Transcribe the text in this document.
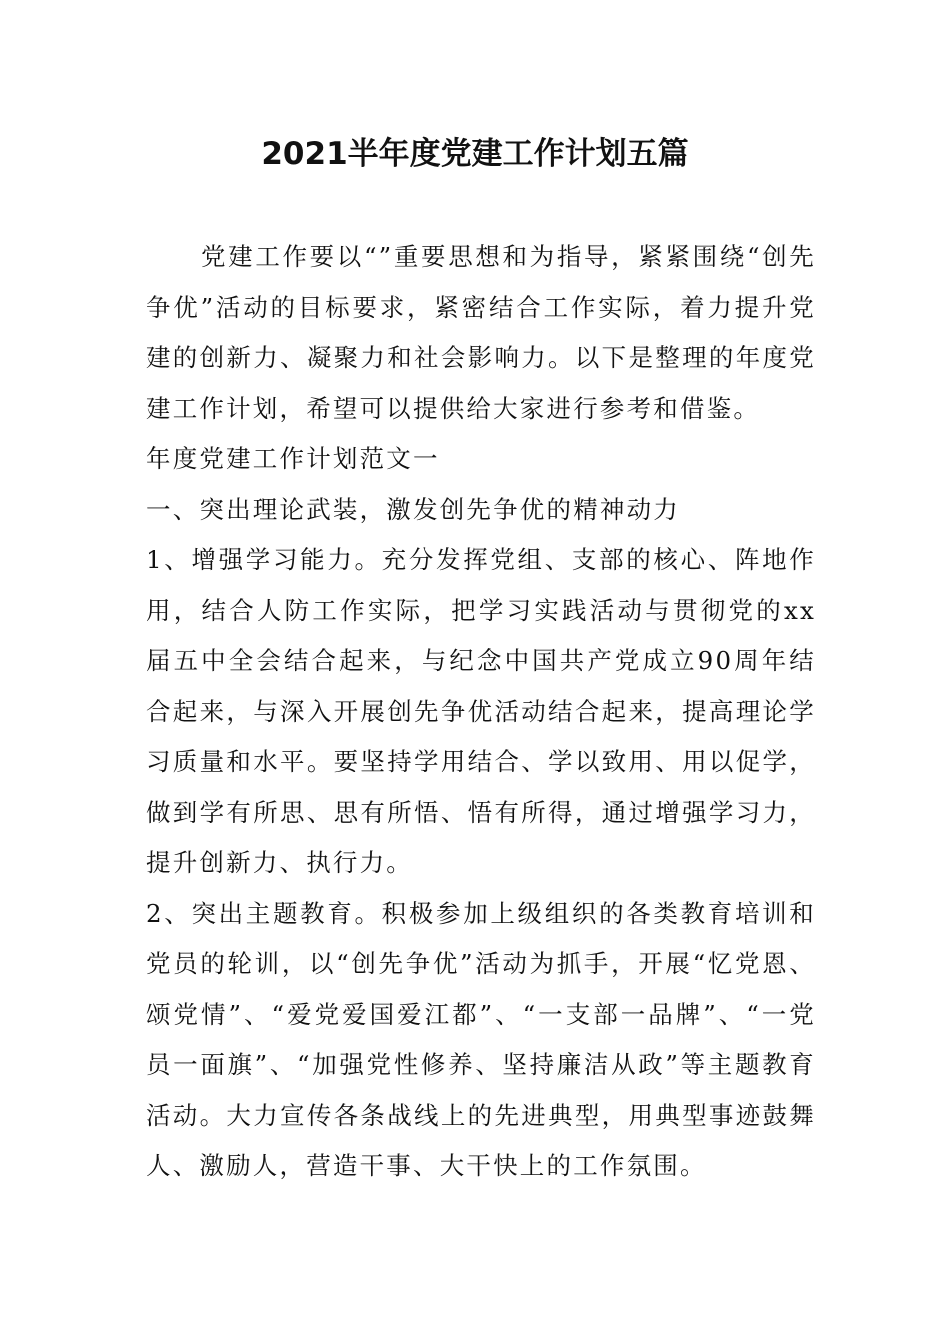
2021半年度党建工作计划五篇

党建工作要以“”重要思想和为指导，紧紧围绕“创先争优”活动的目标要求，紧密结合工作实际，着力提升党建的创新力、凝聚力和社会影响力。以下是整理的年度党建工作计划，希望可以提供给大家进行参考和借鉴。

年度党建工作计划范文一

一、突出理论武装，激发创先争优的精神动力

1、增强学习能力。充分发挥党组、支部的核心、阵地作用，结合人防工作实际，把学习实践活动与贯彻党的xx届五中全会结合起来，与纪念中国共产党成立90周年结合起来，与深入开展创先争优活动结合起来，提高理论学习质量和水平。要坚持学用结合、学以致用、用以促学，做到学有所思、思有所悟、悟有所得，通过增强学习力，提升创新力、执行力。

2、突出主题教育。积极参加上级组织的各类教育培训和党员的轮训，以“创先争优”活动为抓手，开展“忆党恩、颂党情”、“爱党爱国爱江都”、“一支部一品牌”、“一党员一面旗”、“加强党性修养、坚持廉洁从政”等主题教育活动。大力宣传各条战线上的先进典型，用典型事迹鼓舞人、激励人，营造干事、大干快上的工作氛围。
